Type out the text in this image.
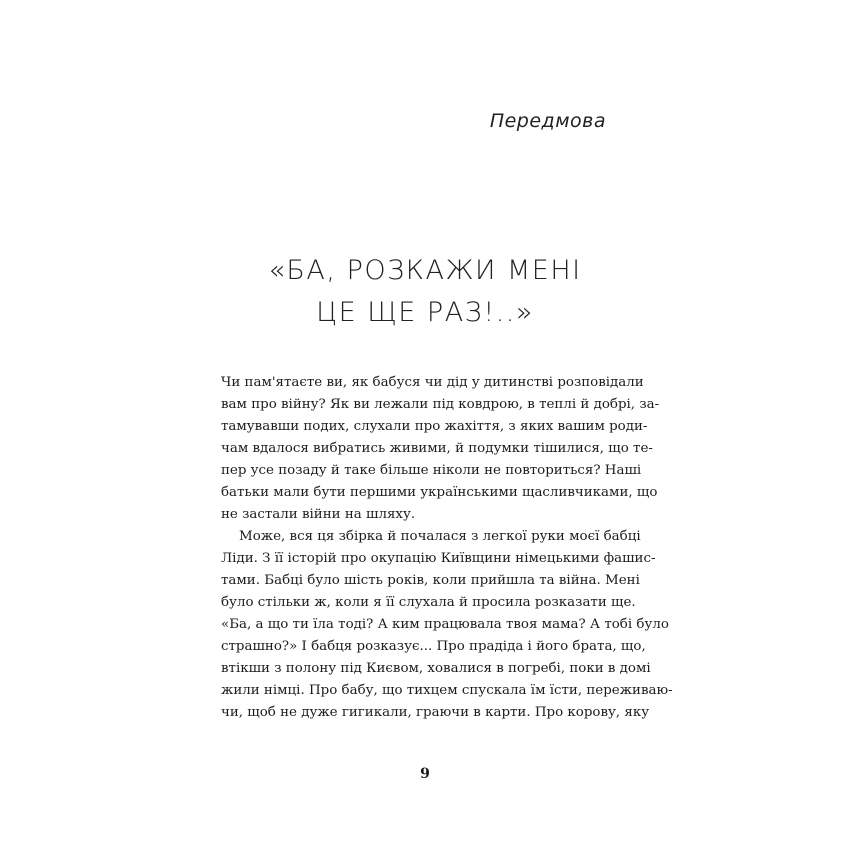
Передмова
«БА, РОЗКАЖИ МЕНІ
ЦЕ ЩЕ РАЗ!..»
Чи пам'ятаєте ви, як бабуся чи дід у дитинстві розповідали
вам про війну? Як ви лежали під ковдрою, в теплі й добрі, за-
тамувавши подих, слухали про жахіття, з яких вашим роди-
чам вдалося вибратись живими, й подумки тішилися, що те-
пер усе позаду й таке більше ніколи не повториться? Наші
батьки мали бути першими українськими щасливчиками, що
не застали війни на шляху.
Може, вся ця збірка й почалася з легкої руки моєї бабці
Ліди. З її історій про окупацію Київщини німецькими фашис-
тами. Бабці було шість років, коли прийшла та війна. Мені
було стільки ж, коли я її слухала й просила розказати ще.
«Ба, а що ти їла тоді? А ким працювала твоя мама? А тобі було
страшно?» І бабця розказує... Про прадіда і його брата, що,
втікши з полону під Києвом, ховалися в погребі, поки в домі
жили німці. Про бабу, що тихцем спускала їм їсти, переживаю-
чи, щоб не дуже гигикали, граючи в карти. Про корову, яку
9
